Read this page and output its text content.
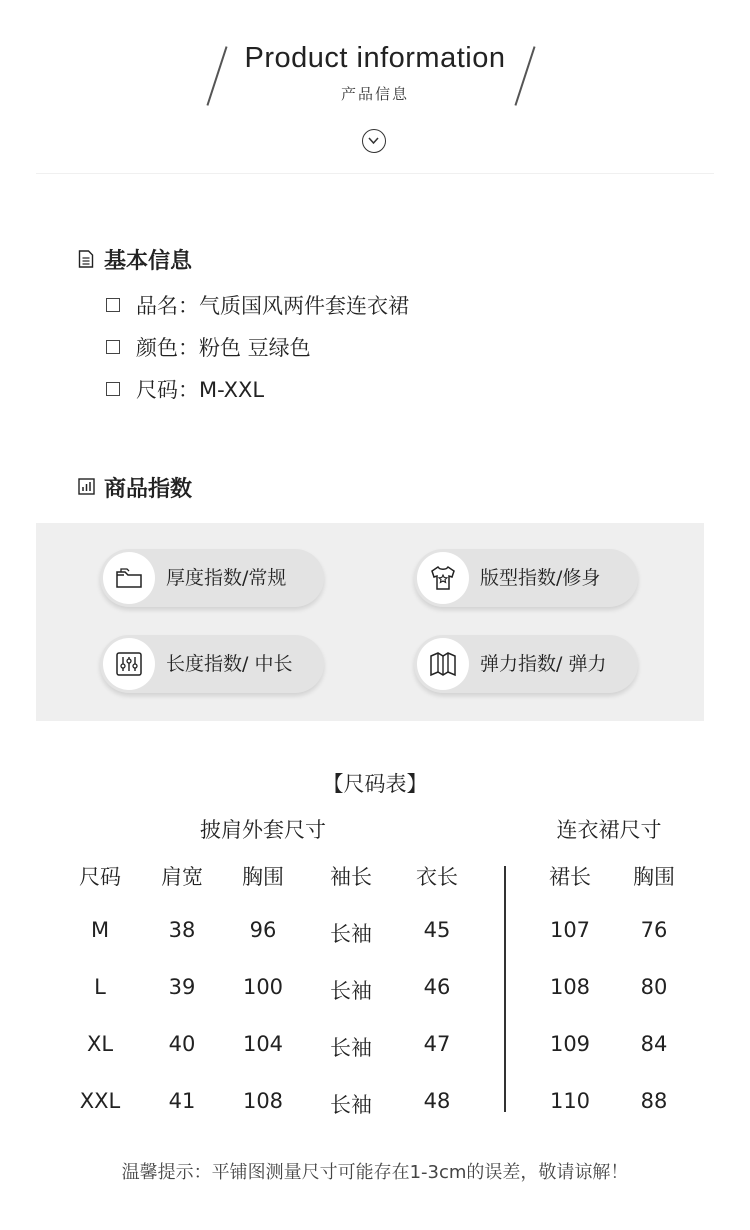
Product information
产品信息
基本信息
品名：气质国风两件套连衣裙
颜色：粉色 豆绿色
尺码：M-XXL
商品指数
厚度指数/常规	版型指数/修身
长度指数/ 中长	弹力指数/ 弹力
【尺码表】
披肩外套尺寸	连衣裙尺寸
尺码	肩宽	胸围	袖长	衣长	裙长	胸围
M	38	96	长袖	45	107	76
L	39	100	长袖	46	108	80
XL	40	104	长袖	47	109	84
XXL	41	108	长袖	48	110	88
温馨提示：平铺图测量尺寸可能存在1-3cm的误差，敬请谅解！
